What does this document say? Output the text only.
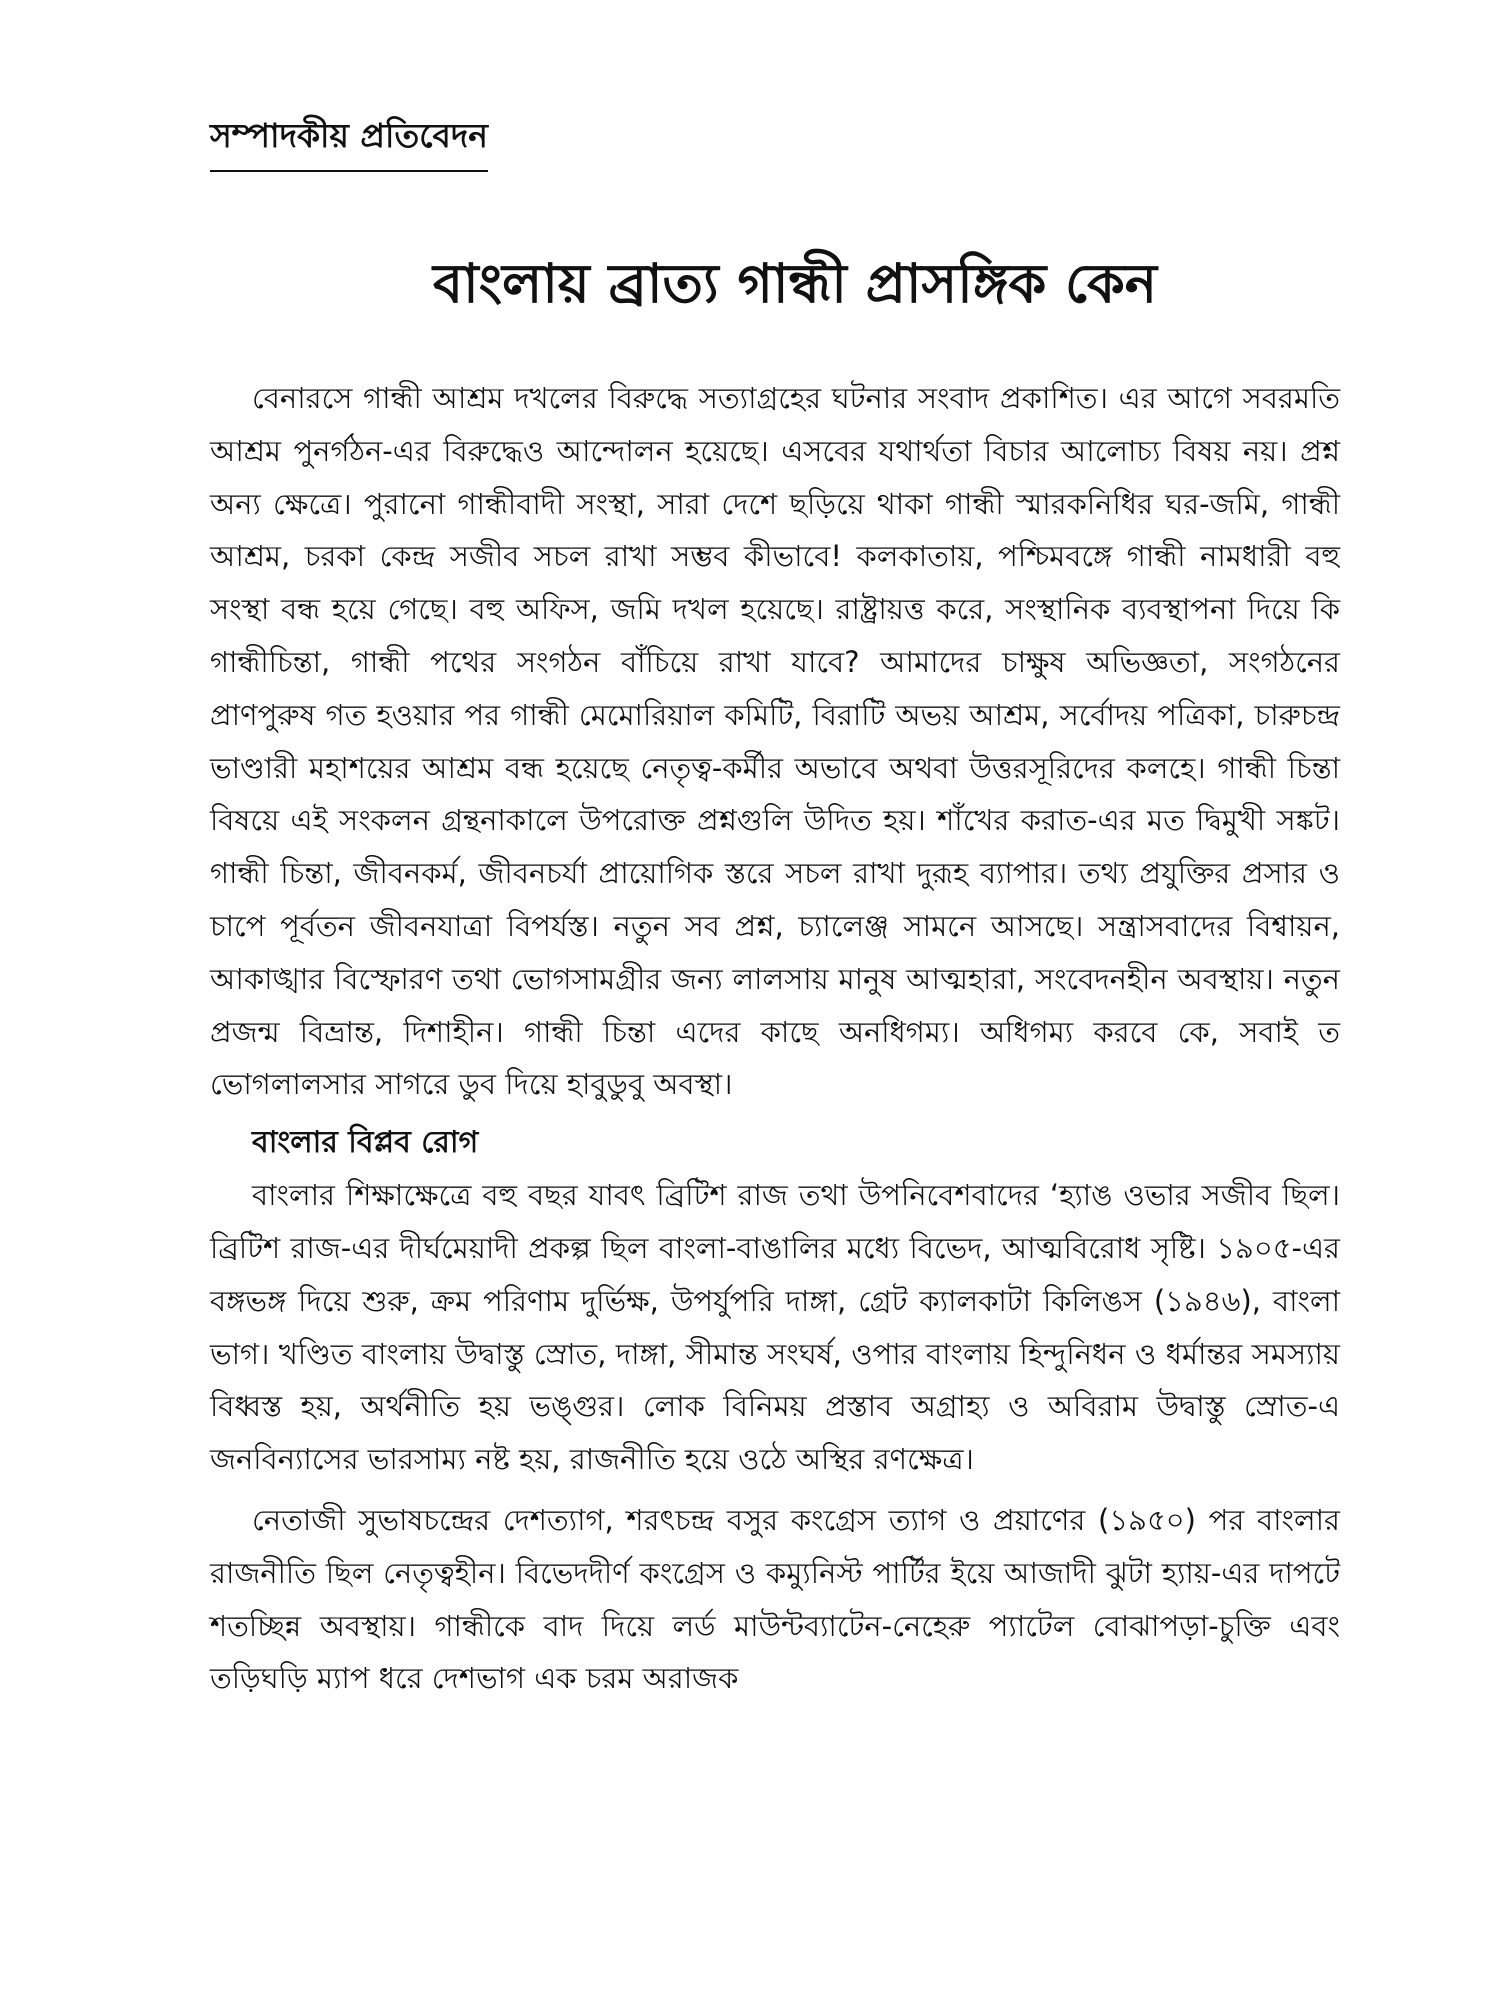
সম্পাদকীয় প্রতিবেদন
বাংলায় ব্রাত্য গান্ধী প্রাসঙ্গিক কেন

বেনারসে গান্ধী আশ্রম দখলের বিরুদ্ধে সত্যাগ্রহের ঘটনার সংবাদ প্রকাশিত। এর আগে সবরমতি আশ্রম পুনর্গঠন-এর বিরুদ্ধেও আন্দোলন হয়েছে। এসবের যথার্থতা বিচার আলোচ্য বিষয় নয়। প্রশ্ন অন্য ক্ষেত্রে। পুরানো গান্ধীবাদী সংস্থা, সারা দেশে ছড়িয়ে থাকা গান্ধী স্মারকনিধির ঘর-জমি, গান্ধী আশ্রম, চরকা কেন্দ্র সজীব সচল রাখা সম্ভব কীভাবে! কলকাতায়, পশ্চিমবঙ্গে গান্ধী নামধারী বহু সংস্থা বন্ধ হয়ে গেছে। বহু অফিস, জমি দখল হয়েছে। রাষ্ট্রায়ত্ত করে, সংস্থানিক ব্যবস্থাপনা দিয়ে কি গান্ধীচিন্তা, গান্ধী পথের সংগঠন বাঁচিয়ে রাখা যাবে? আমাদের চাক্ষুষ অভিজ্ঞতা, সংগঠনের প্রাণপুরুষ গত হওয়ার পর গান্ধী মেমোরিয়াল কমিটি, বিরাটি অভয় আশ্রম, সর্বোদয় পত্রিকা, চারুচন্দ্র ভাণ্ডারী মহাশয়ের আশ্রম বন্ধ হয়েছে নেতৃত্ব-কর্মীর অভাবে অথবা উত্তরসূরিদের কলহে। গান্ধী চিন্তা বিষয়ে এই সংকলন গ্রন্থনাকালে উপরোক্ত প্রশ্নগুলি উদিত হয়। শাঁখের করাত-এর মত দ্বিমুখী সঙ্কট। গান্ধী চিন্তা, জীবনকর্ম, জীবনচর্যা প্রায়োগিক স্তরে সচল রাখা দুরূহ ব্যাপার। তথ্য প্রযুক্তির প্রসার ও চাপে পূর্বতন জীবনযাত্রা বিপর্যস্ত। নতুন সব প্রশ্ন, চ্যালেঞ্জ সামনে আসছে। সন্ত্রাসবাদের বিশ্বায়ন, আকাঙ্খার বিস্ফোরণ তথা ভোগসামগ্রীর জন্য লালসায় মানুষ আত্মহারা, সংবেদনহীন অবস্থায়। নতুন প্রজন্ম বিভ্রান্ত, দিশাহীন। গান্ধী চিন্তা এদের কাছে অনধিগম্য। অধিগম্য করবে কে, সবাই ত ভোগলালসার সাগরে ডুব দিয়ে হাবুডুবু অবস্থা।

বাংলার বিপ্লব রোগ

বাংলার শিক্ষাক্ষেত্রে বহু বছর যাবৎ ব্রিটিশ রাজ তথা উপনিবেশবাদের ‘হ্যাঙ ওভার সজীব ছিল। ব্রিটিশ রাজ-এর দীর্ঘমেয়াদী প্রকল্প ছিল বাংলা-বাঙালির মধ্যে বিভেদ, আত্মবিরোধ সৃষ্টি। ১৯০৫-এর বঙ্গভঙ্গ দিয়ে শুরু, ক্রম পরিণাম দুর্ভিক্ষ, উপর্যুপরি দাঙ্গা, গ্রেট ক্যালকাটা কিলিঙস (১৯৪৬), বাংলা ভাগ। খণ্ডিত বাংলায় উদ্বাস্তু স্রোত, দাঙ্গা, সীমান্ত সংঘর্ষ, ওপার বাংলায় হিন্দুনিধন ও ধর্মান্তর সমস্যায় বিধ্বস্ত হয়, অর্থনীতি হয় ভঙ্গুর। লোক বিনিময় প্রস্তাব অগ্রাহ্য ও অবিরাম উদ্বাস্তু স্রোত-এ জনবিন্যাসের ভারসাম্য নষ্ট হয়, রাজনীতি হয়ে ওঠে অস্থির রণক্ষেত্র।

নেতাজী সুভাষচন্দ্রের দেশত্যাগ, শরৎচন্দ্র বসুর কংগ্রেস ত্যাগ ও প্রয়াণের (১৯৫০) পর বাংলার রাজনীতি ছিল নেতৃত্বহীন। বিভেদদীর্ণ কংগ্রেস ও কম্যুনিস্ট পার্টির ইয়ে আজাদী ঝুটা হ্যায়-এর দাপটে শতচ্ছিন্ন অবস্থায়। গান্ধীকে বাদ দিয়ে লর্ড মাউন্টব্যাটেন-নেহেরু প্যাটেল বোঝাপড়া-চুক্তি এবং তড়িঘড়ি ম্যাপ ধরে দেশভাগ এক চরম অরাজক
